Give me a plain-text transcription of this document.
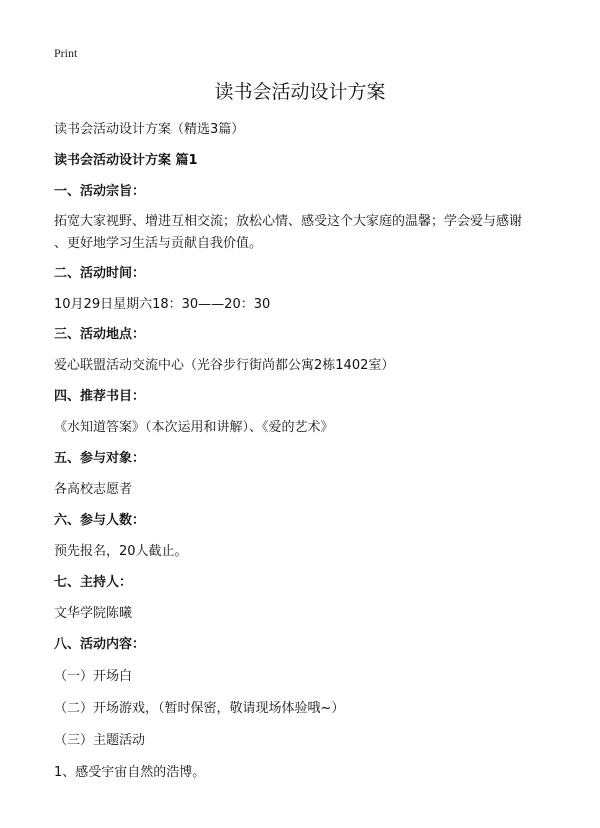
Print
读书会活动设计方案
读书会活动设计方案（精选3篇）
读书会活动设计方案 篇1
一、活动宗旨：
拓宽大家视野、增进互相交流；放松心情、感受这个大家庭的温馨；学会爱与感谢
、更好地学习生活与贡献自我价值。
二、活动时间：
10月29日星期六18：30——20：30
三、活动地点：
爱心联盟活动交流中心（光谷步行街尚都公寓2栋1402室）
四、推荐书目：
《水知道答案》（本次运用和讲解）、《爱的艺术》
五、参与对象：
各高校志愿者
六、参与人数：
预先报名，20人截止。
七、主持人：
文华学院陈曦
八、活动内容：
（一）开场白
（二）开场游戏，（暂时保密，敬请现场体验哦~）
（三）主题活动
1、感受宇宙自然的浩博。
